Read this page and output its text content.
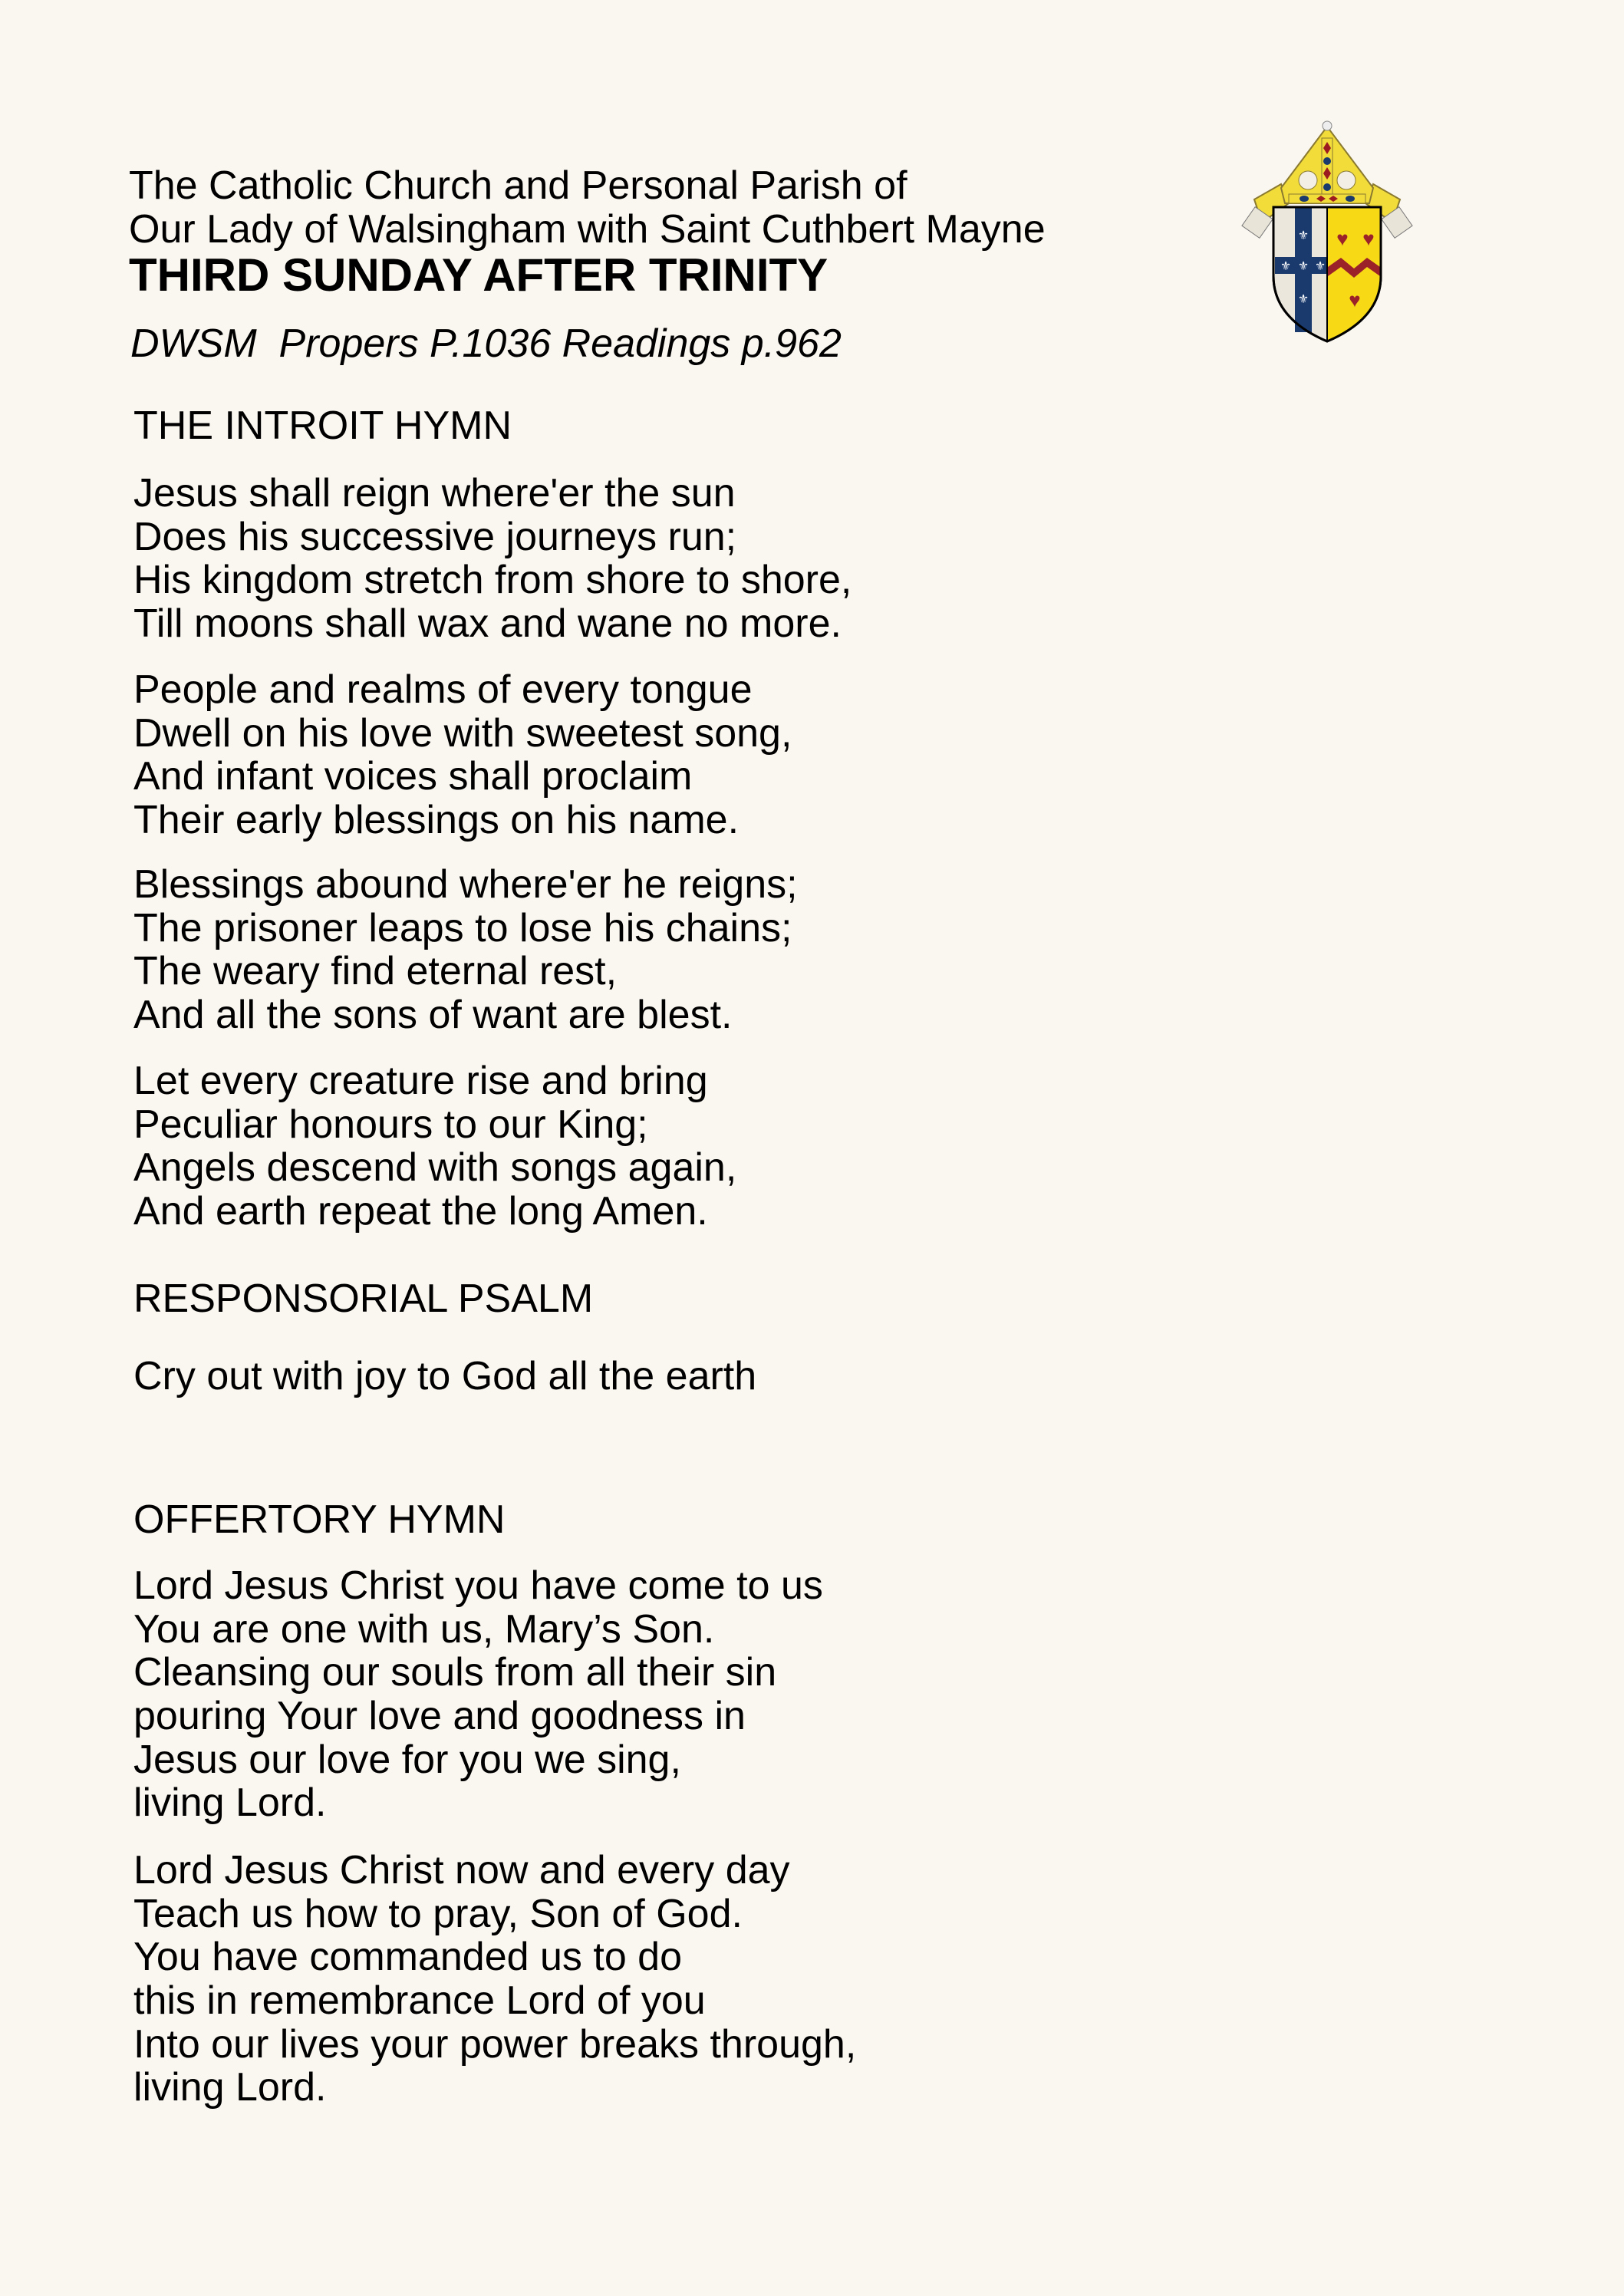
The Catholic Church and Personal Parish of
Our Lady of Walsingham with Saint Cuthbert Mayne
THIRD SUNDAY AFTER TRINITY
DWSM  Propers P.1036 Readings p.962
⚜
⚜ ⚜ ⚜
⚜
♥ ♥
♥
THE INTROIT HYMN
Jesus shall reign where'er the sun
Does his successive journeys run;
His kingdom stretch from shore to shore,
Till moons shall wax and wane no more.
People and realms of every tongue
Dwell on his love with sweetest song,
And infant voices shall proclaim
Their early blessings on his name.
Blessings abound where'er he reigns;
The prisoner leaps to lose his chains;
The weary find eternal rest,
And all the sons of want are blest.
Let every creature rise and bring
Peculiar honours to our King;
Angels descend with songs again,
And earth repeat the long Amen.
RESPONSORIAL PSALM
Cry out with joy to God all the earth
OFFERTORY HYMN
Lord Jesus Christ you have come to us
You are one with us, Mary’s Son.
Cleansing our souls from all their sin
pouring Your love and goodness in
Jesus our love for you we sing,
living Lord.
Lord Jesus Christ now and every day
Teach us how to pray, Son of God.
You have commanded us to do
this in remembrance Lord of you
Into our lives your power breaks through,
living Lord.
